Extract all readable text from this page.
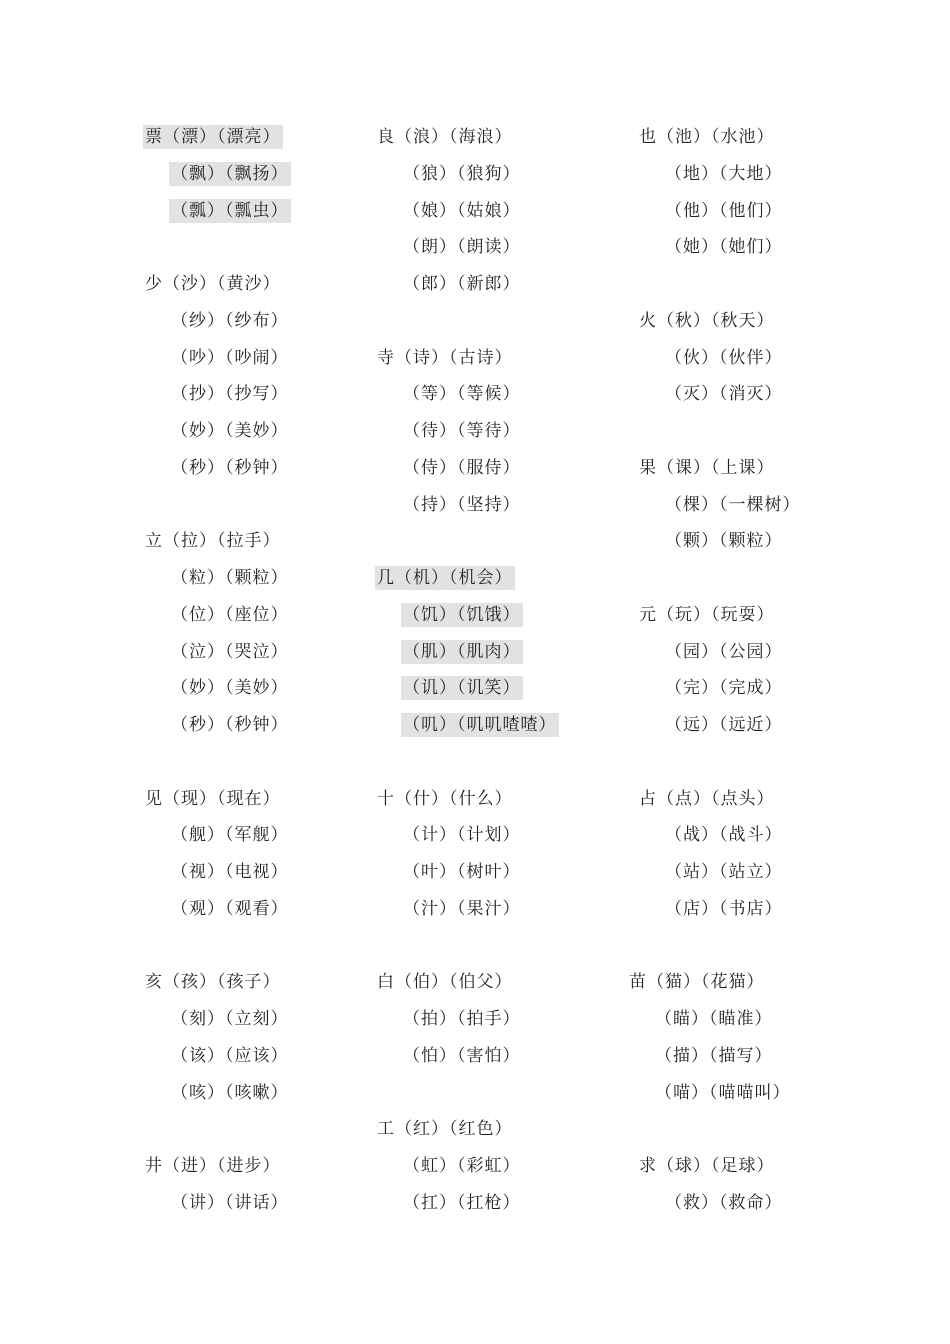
票（漂）（漂亮）
（飘）（飘扬）
（瓢）（瓢虫）
少（沙）（黄沙）
（纱）（纱布）
（吵）（吵闹）
（抄）（抄写）
（妙）（美妙）
（秒）（秒钟）
立（拉）（拉手）
（粒）（颗粒）
（位）（座位）
（泣）（哭泣）
（妙）（美妙）
（秒）（秒钟）
见（现）（现在）
（舰）（军舰）
（视）（电视）
（观）（观看）
亥（孩）（孩子）
（刻）（立刻）
（该）（应该）
（咳）（咳嗽）
井（进）（进步）
（讲）（讲话）
良（浪）（海浪）
（狼）（狼狗）
（娘）（姑娘）
（朗）（朗读）
（郎）（新郎）
寺（诗）（古诗）
（等）（等候）
（待）（等待）
（侍）（服侍）
（持）（坚持）
几（机）（机会）
（饥）（饥饿）
（肌）（肌肉）
（讥）（讥笑）
（叽）（叽叽喳喳）
十（什）（什么）
（计）（计划）
（叶）（树叶）
（汁）（果汁）
白（伯）（伯父）
（拍）（拍手）
（怕）（害怕）
工（红）（红色）
（虹）（彩虹）
（扛）（扛枪）
也（池）（水池）
（地）（大地）
（他）（他们）
（她）（她们）
火（秋）（秋天）
（伙）（伙伴）
（灭）（消灭）
果（课）（上课）
（棵）（一棵树）
（颗）（颗粒）
元（玩）（玩耍）
（园）（公园）
（完）（完成）
（远）（远近）
占（点）（点头）
（战）（战斗）
（站）（站立）
（店）（书店）
苗（猫）（花猫）
（瞄）（瞄准）
（描）（描写）
（喵）（喵喵叫）
求（球）（足球）
（救）（救命）
